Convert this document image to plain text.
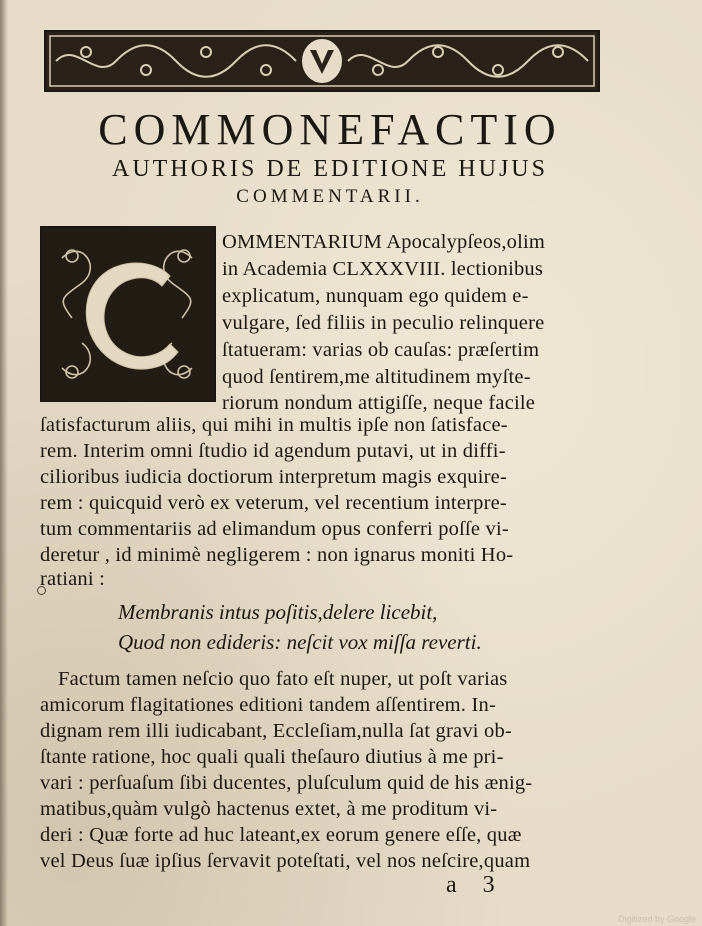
COMMONEFACTIO
AUTHORIS DE EDITIONE HUJUS
COMMENTARII.
OMMENTARIUM Apocalypſeos,olim
in Academia CLXXXVIII. lectionibus
explicatum, nunquam ego quidem e-
vulgare, ſed filiis in peculio relinquere
ſtatueram: varias ob cauſas: præſertim
quod ſentirem,me altitudinem myſte-
riorum nondum attigiſſe, neque facile
ſatisfacturum aliis, qui mihi in multis ipſe non ſatisface-
rem. Interim omni ſtudio id agendum putavi, ut in diffi-
cilioribus iudicia doctiorum interpretum magis exquire-
rem : quicquid verò ex veterum, vel recentium interpre-
tum commentariis ad elimandum opus conferri poſſe vi-
deretur , id minimè negligerem : non ignarus moniti Ho-
ratiani :
Membranis intus poſitis,delere licebit,
Quod non edideris: neſcit vox miſſa reverti.
Factum tamen neſcio quo fato eſt nuper, ut poſt varias
amicorum flagitationes editioni tandem aſſentirem. In-
dignam rem illi iudicabant, Eccleſiam,nulla ſat gravi ob-
ſtante ratione, hoc quali quali theſauro diutius à me pri-
vari : perſuaſum ſibi ducentes, pluſculum quid de his ænig-
matibus,quàm vulgò hactenus extet, à me proditum vi-
deri : Quæ forte ad huc lateant,ex eorum genere eſſe, quæ
vel Deus ſuæ ipſius ſervavit poteſtati, vel nos neſcire,quam
a 3
Digitized by Google
